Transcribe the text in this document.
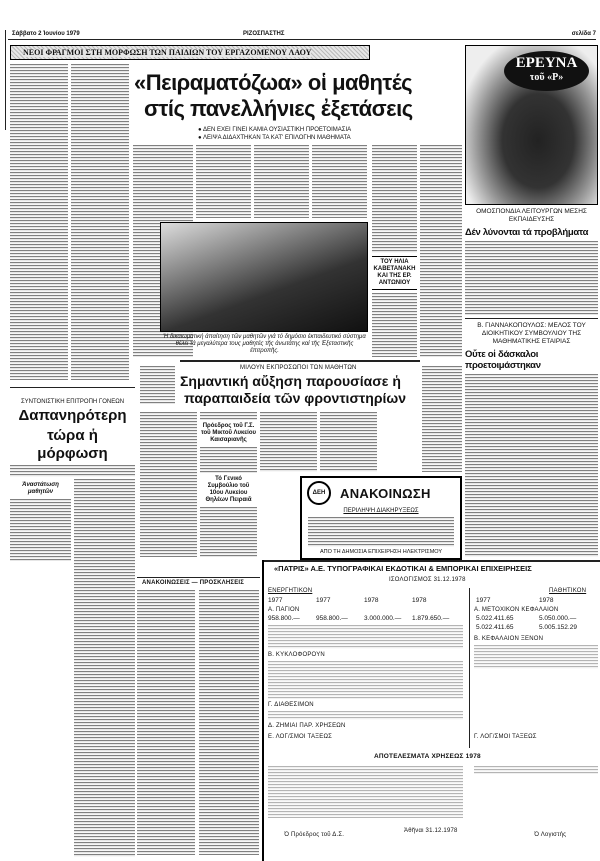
Σάββατο 2 Ἰουνίου 1979	ΡΙΖΟΣΠΑΣΤΗΣ	σελίδα 7
ΝΕΟΙ ΦΡΑΓΜΟΙ ΣΤΗ ΜΟΡΦΩΣΗ ΤΩΝ ΠΑΙΔΙΩΝ ΤΟΥ ΕΡΓΑΖΟΜΕΝΟΥ ΛΑΟΥ
«Πειραματόζωα» οἱ μαθητές
στίς πανελλήνιες ἐξετάσεις
● ΔΕΝ ΕΧΕΙ ΓΙΝΕΙ ΚΑΜΙΑ ΟΥΣΙΑΣΤΙΚΗ ΠΡΟΕΤΟΙΜΑΣΙΑ
● ΛΕΙΨΑ ΔΙΔΑΧΤΗΚΑΝ ΤΑ ΚΑΤ' ΕΠΙΛΟΓΗΝ ΜΑΘΗΜΑΤΑ
Ἡ δικαιωματική ἀπαίτηση τῶν μαθητῶν γιά τό δημόσιο ἐκπαιδευτικό σύστημα θέλει τά μεγαλύτερα τους μαθητές τῆς ἀνωτάτης καί τῆς Ἐξεταστικῆς ἐπιτροπῆς.
ΤΟΥ ΗΛΙΑ ΚΑΒΕΤΑΝΑΚΗ ΚΑΙ ΤΗΣ ΕΡ. ΑΝΤΩΝΙΟΥ
ΕΡΕΥΝΑ
τοῦ «Ρ»
ΟΜΟΣΠΟΝΔΙΑ ΛΕΙΤΟΥΡΓΩΝ ΜΕΣΗΣ ΕΚΠΑΙΔΕΥΣΗΣ
Δέν λύνονται τά προβλήματα
Β. ΓΙΑΝΝΑΚΟΠΟΥΛΟΣ: ΜΕΛΟΣ ΤΟΥ ΔΙΟΙΚΗΤΙΚΟΥ ΣΥΜΒΟΥΛΙΟΥ ΤΗΣ ΜΑΘΗΜΑΤΙΚΗΣ ΕΤΑΙΡΙΑΣ
Οὔτε οἱ δάσκαλοι προετοιμάστηκαν
ΜΙΛΟΥΝ ΕΚΠΡΟΣΩΠΟΙ ΤΩΝ ΜΑΘΗΤΩΝ
Σημαντική αὔξηση παρουσίασε ἡ
παραπαιδεία τῶν φροντιστηρίων
Πρόεδρος τοῦ Γ.Σ. τοῦ Μικτοῦ Λυκείου Καισαριανῆς
Τό Γενικό Συμβούλιο τοῦ 10ου Λυκείου Θηλέων Πειραιᾶ
ΔΕΗ	ΑΝΑΚΟΙΝΩΣΗ
ΠΕΡΙΛΗΨΗ ΔΙΑΚΗΡΥΞΕΩΣ
ΑΠΟ ΤΗ ΔΗΜΟΣΙΑ ΕΠΙΧΕΙΡΗΣΗ ΗΛΕΚΤΡΙΣΜΟΥ
ΣΥΝΤΟΝΙΣΤΙΚΗ ΕΠΙΤΡΟΠΗ ΓΟΝΕΩΝ
Δαπανηρότερη
τώρα ἡ μόρφωση
Ἀναστάτωση μαθητῶν
ΑΝΑΚΟΙΝΩΣΕΙΣ — ΠΡΟΣΚΛΗΣΕΙΣ
«ΠΑΤΡΙΣ» Α.Ε. ΤΥΠΟΓΡΑΦΙΚΑΙ ΕΚΔΟΤΙΚΑΙ & ΕΜΠΟΡΙΚΑΙ ΕΠΙΧΕΙΡΗΣΕΙΣ
ΙΣΟΛΟΓΙΣΜΟΣ 31.12.1978
ΕΝΕΡΓΗΤΙΚΟΝ	ΠΑΘΗΤΙΚΟΝ
1977	1977	1978	1978	1977	1978
Α. ΠΑΓΙΟΝ
958.800.— 958.800.— 3.000.000.— 1.879.650.—
Β. ΚΥΚΛΟΦΟΡΟΥΝ
Γ. ΔΙΑΘΕΣΙΜΟΝ
Δ. ΖΗΜΙΑΙ ΠΑΡ. ΧΡΗΣΕΩΝ
Ε. ΛΟΓ/ΣΜΟΙ ΤΑΞΕΩΣ
Α. ΜΕΤΟΧΙΚΟΝ ΚΕΦΑΛΑΙΟΝ
5.022.411.65	5.050.000.—
5.022.411.65	5.005.152.29
Β. ΚΕΦΑΛΑΙΟΝ ΞΕΝΟΝ
Γ. ΛΟΓ/ΣΜΟΙ ΤΑΞΕΩΣ
ΑΠΟΤΕΛΕΣΜΑΤΑ ΧΡΗΣΕΩΣ 1978
Ὁ Πρόεδρος τοῦ Δ.Σ.
Ἀθῆναι 31.12.1978
Ὁ Λογιστής
